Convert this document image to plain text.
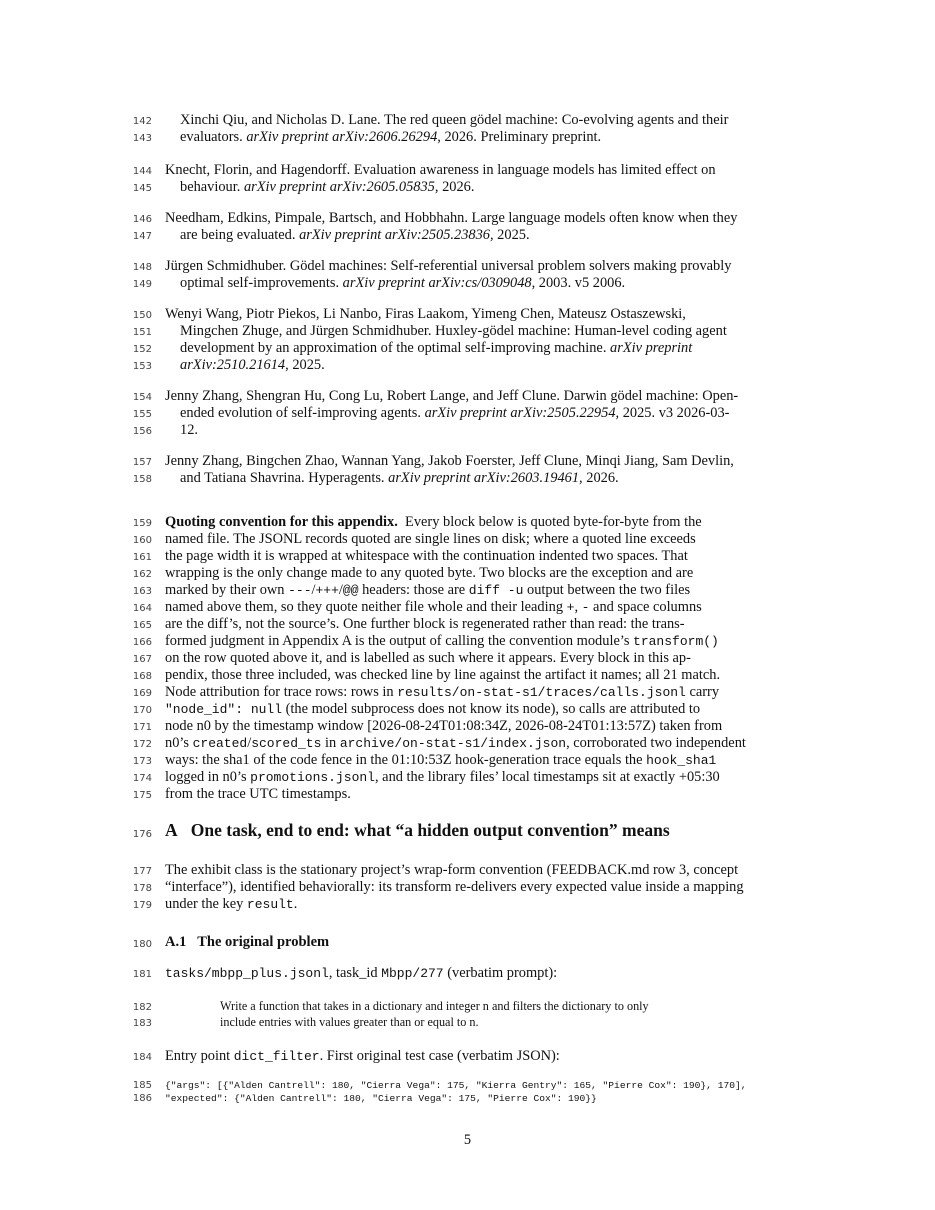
142 Xinchi Qiu, and Nicholas D. Lane. The red queen gödel machine: Co-evolving agents and their
143 evaluators. arXiv preprint arXiv:2606.26294, 2026. Preliminary preprint.
144 Knecht, Florin, and Hagendorff. Evaluation awareness in language models has limited effect on
145 behaviour. arXiv preprint arXiv:2605.05835, 2026.
146 Needham, Edkins, Pimpale, Bartsch, and Hobbhahn. Large language models often know when they
147 are being evaluated. arXiv preprint arXiv:2505.23836, 2025.
148 Jürgen Schmidhuber. Gödel machines: Self-referential universal problem solvers making provably
149 optimal self-improvements. arXiv preprint arXiv:cs/0309048, 2003. v5 2006.
150 Wenyi Wang, Piotr Piekos, Li Nanbo, Firas Laakom, Yimeng Chen, Mateusz Ostaszewski,
151 Mingchen Zhuge, and Jürgen Schmidhuber. Huxley-gödel machine: Human-level coding agent
152 development by an approximation of the optimal self-improving machine. arXiv preprint
153 arXiv:2510.21614, 2025.
154 Jenny Zhang, Shengran Hu, Cong Lu, Robert Lange, and Jeff Clune. Darwin gödel machine: Open-
155 ended evolution of self-improving agents. arXiv preprint arXiv:2505.22954, 2025. v3 2026-03-
156 12.
157 Jenny Zhang, Bingchen Zhao, Wannan Yang, Jakob Foerster, Jeff Clune, Minqi Jiang, Sam Devlin,
158 and Tatiana Shavrina. Hyperagents. arXiv preprint arXiv:2603.19461, 2026.
159 Quoting convention for this appendix. Every block below is quoted byte-for-byte from the
160 named file. The JSONL records quoted are single lines on disk; where a quoted line exceeds
161 the page width it is wrapped at whitespace with the continuation indented two spaces. That
162 wrapping is the only change made to any quoted byte. Two blocks are the exception and are
163 marked by their own ---/+++/@@ headers: those are diff -u output between the two files
164 named above them, so they quote neither file whole and their leading +, - and space columns
165 are the diff’s, not the source’s. One further block is regenerated rather than read: the trans-
166 formed judgment in Appendix A is the output of calling the convention module’s transform()
167 on the row quoted above it, and is labelled as such where it appears. Every block in this ap-
168 pendix, those three included, was checked line by line against the artifact it names; all 21 match.
169 Node attribution for trace rows: rows in results/on-stat-s1/traces/calls.jsonl carry
170 "node_id": null (the model subprocess does not know its node), so calls are attributed to
171 node n0 by the timestamp window [2026-08-24T01:08:34Z, 2026-08-24T01:13:57Z) taken from
172 n0’s created/scored_ts in archive/on-stat-s1/index.json, corroborated two independent
173 ways: the sha1 of the code fence in the 01:10:53Z hook-generation trace equals the hook_sha1
174 logged in n0’s promotions.jsonl, and the library files’ local timestamps sit at exactly +05:30
175 from the trace UTC timestamps.
176 A One task, end to end: what “a hidden output convention” means
177 The exhibit class is the stationary project’s wrap-form convention (FEEDBACK.md row 3, concept
178 “interface”), identified behaviorally: its transform re-delivers every expected value inside a mapping
179 under the key result.
180 A.1 The original problem
181 tasks/mbpp_plus.jsonl, task_id Mbpp/277 (verbatim prompt):
182	Write a function that takes in a dictionary and integer n and filters the dictionary to only
183	include entries with values greater than or equal to n.
184 Entry point dict_filter. First original test case (verbatim JSON):
185 {"args": [{"Alden Cantrell": 180, "Cierra Vega": 175, "Kierra Gentry": 165, "Pierre Cox": 190}, 170],
186 "expected": {"Alden Cantrell": 180, "Cierra Vega": 175, "Pierre Cox": 190}}
5
